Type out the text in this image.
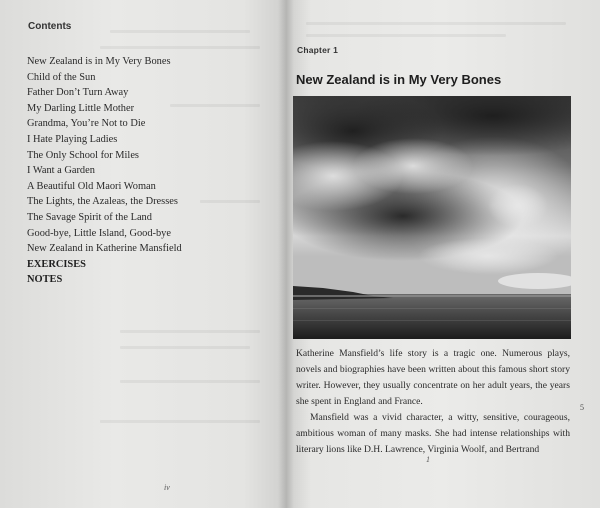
Contents
New Zealand is in My Very Bones
Child of the Sun
Father Don’t Turn Away
My Darling Little Mother
Grandma, You’re Not to Die
I Hate Playing Ladies
The Only School for Miles
I Want a Garden
A Beautiful Old Maori Woman
The Lights, the Azaleas, the Dresses
The Savage Spirit of the Land
Good-bye, Little Island, Good-bye
New Zealand in Katherine Mansfield
EXERCISES
NOTES
iv
Chapter 1
New Zealand is in My Very Bones

Katherine Mansfield’s life story is a tragic one. Numerous plays, novels and biographies have been written about this famous short story writer. However, they usually concentrate on her adult years, the years she spent in England and France.

Mansfield was a vivid character, a witty, sensitive, courageous, ambitious woman of many masks. She had intense relationships with literary lions like D.H. Lawrence, Virginia Woolf, and Bertrand

5
1
